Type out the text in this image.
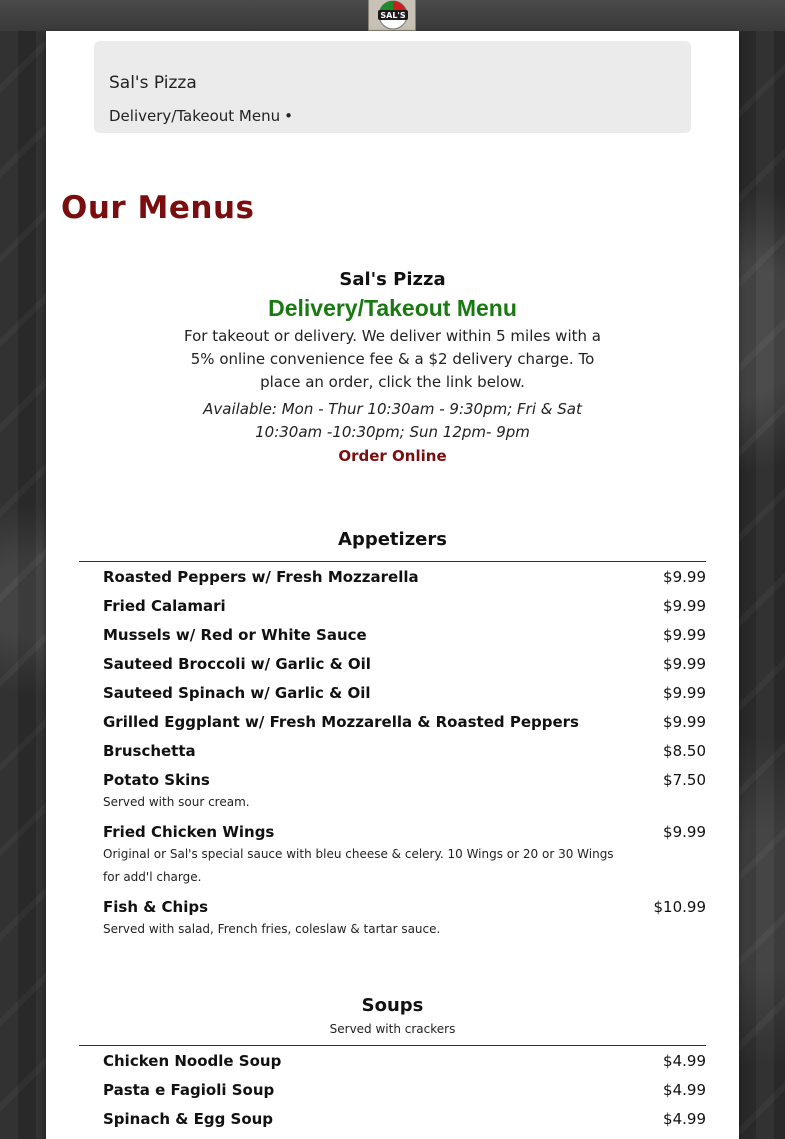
SAL'S
Sal's Pizza
Delivery/Takeout Menu •
Our Menus
Sal's Pizza
Delivery/Takeout Menu
For takeout or delivery. We deliver within 5 miles with a 5% online convenience fee & a $2 delivery charge. To place an order, click the link below.
Available: Mon - Thur 10:30am - 9:30pm; Fri & Sat 10:30am -10:30pm; Sun 12pm- 9pm
Order Online
Appetizers
Roasted Peppers w/ Fresh Mozzarella	$9.99
Fried Calamari	$9.99
Mussels w/ Red or White Sauce	$9.99
Sauteed Broccoli w/ Garlic & Oil	$9.99
Sauteed Spinach w/ Garlic & Oil	$9.99
Grilled Eggplant w/ Fresh Mozzarella & Roasted Peppers	$9.99
Bruschetta	$8.50
Potato Skins	$7.50
Served with sour cream.
Fried Chicken Wings	$9.99
Original or Sal's special sauce with bleu cheese & celery. 10 Wings or 20 or 30 Wings for add'l charge.
Fish & Chips	$10.99
Served with salad, French fries, coleslaw & tartar sauce.
Soups
Served with crackers
Chicken Noodle Soup	$4.99
Pasta e Fagioli Soup	$4.99
Spinach & Egg Soup	$4.99
